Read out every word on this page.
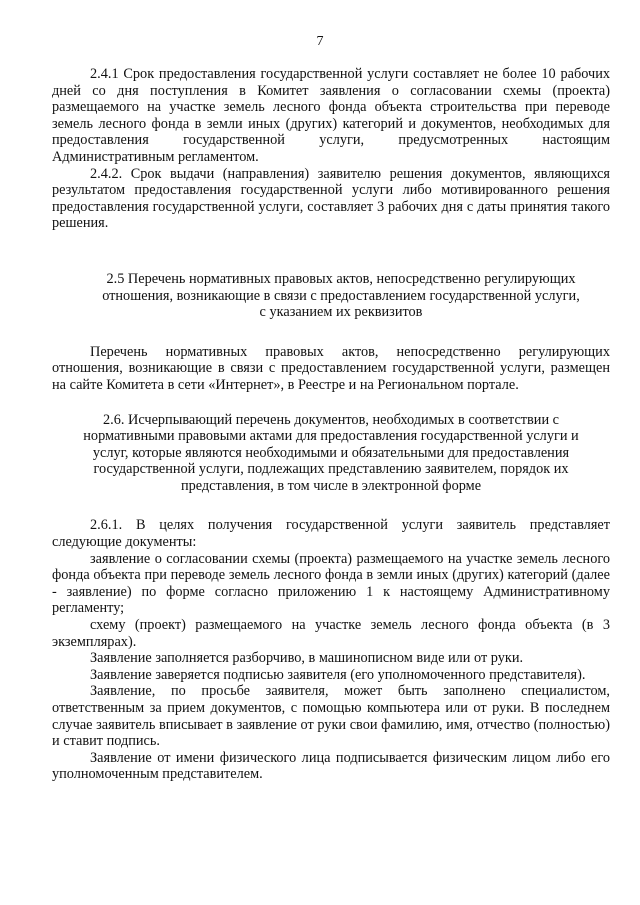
7

2.4.1 Срок предоставления государственной услуги составляет не более 10 рабочих дней со дня поступления в Комитет заявления о согласовании схемы (проекта) размещаемого на участке земель лесного фонда объекта строительства при переводе земель лесного фонда в земли иных (других) категорий и документов, необходимых для предоставления государственной услуги, предусмотренных настоящим Административным регламентом.

2.4.2. Срок выдачи (направления) заявителю решения документов, являющихся результатом предоставления государственной услуги либо мотивированного решения предоставления государственной услуги, составляет 3 рабочих дня с даты принятия такого решения.

2.5 Перечень нормативных правовых актов, непосредственно регулирующих отношения, возникающие в связи с предоставлением государственной услуги, с указанием их реквизитов

Перечень нормативных правовых актов, непосредственно регулирующих отношения, возникающие в связи с предоставлением государственной услуги, размещен на сайте Комитета в сети «Интернет», в Реестре и на Региональном портале.

2.6. Исчерпывающий перечень документов, необходимых в соответствии с нормативными правовыми актами для предоставления государственной услуги и услуг, которые являются необходимыми и обязательными для предоставления государственной услуги, подлежащих представлению заявителем, порядок их представления, в том числе в электронной форме

2.6.1. В целях получения государственной услуги заявитель представляет следующие документы:

заявление о согласовании схемы (проекта) размещаемого на участке земель лесного фонда объекта при переводе земель лесного фонда в земли иных (других) категорий (далее - заявление) по форме согласно приложению 1 к настоящему Административному регламенту;

схему (проект) размещаемого на участке земель лесного фонда объекта (в 3 экземплярах).

Заявление заполняется разборчиво, в машинописном виде или от руки.

Заявление заверяется подписью заявителя (его уполномоченного представителя).

Заявление, по просьбе заявителя, может быть заполнено специалистом, ответственным за прием документов, с помощью компьютера или от руки. В последнем случае заявитель вписывает в заявление от руки свои фамилию, имя, отчество (полностью) и ставит подпись.

Заявление от имени физического лица подписывается физическим лицом либо его уполномоченным представителем.
